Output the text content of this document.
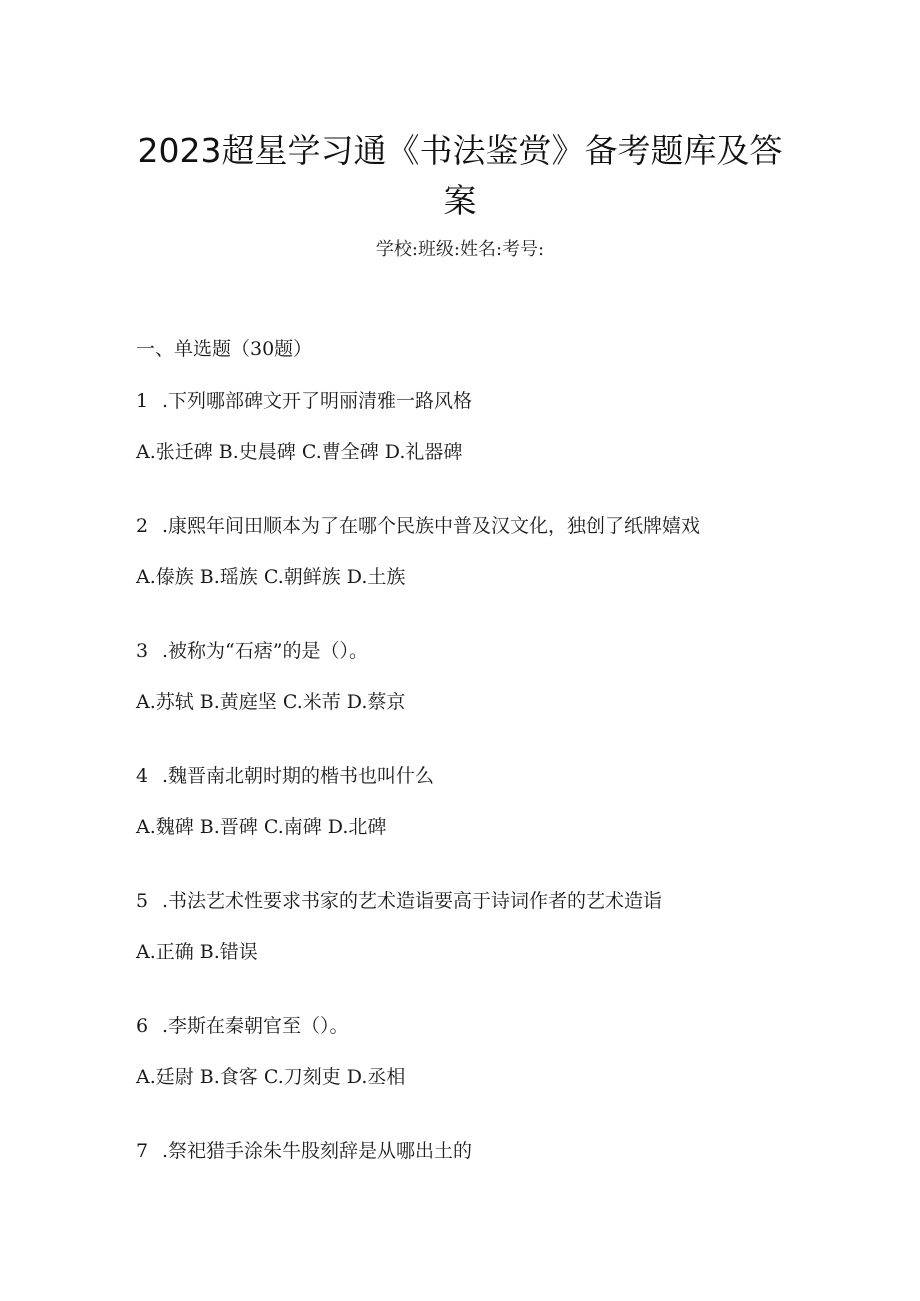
2023超星学习通《书法鉴赏》备考题库及答
案
学校:班级:姓名:考号:
一、单选题（30题）
1 .下列哪部碑文开了明丽清雅一路风格
A.张迁碑 B.史晨碑 C.曹全碑 D.礼器碑
2 .康熙年间田顺本为了在哪个民族中普及汉文化，独创了纸牌嬉戏
A.傣族 B.瑶族 C.朝鲜族 D.土族
3 .被称为“石痞”的是（）。
A.苏轼 B.黄庭坚 C.米芾 D.蔡京
4 .魏晋南北朝时期的楷书也叫什么
A.魏碑 B.晋碑 C.南碑 D.北碑
5 .书法艺术性要求书家的艺术造诣要高于诗词作者的艺术造诣
A.正确 B.错误
6 .李斯在秦朝官至（）。
A.廷尉 B.食客 C.刀刻吏 D.丞相
7 .祭祀猎手涂朱牛股刻辞是从哪出土的
